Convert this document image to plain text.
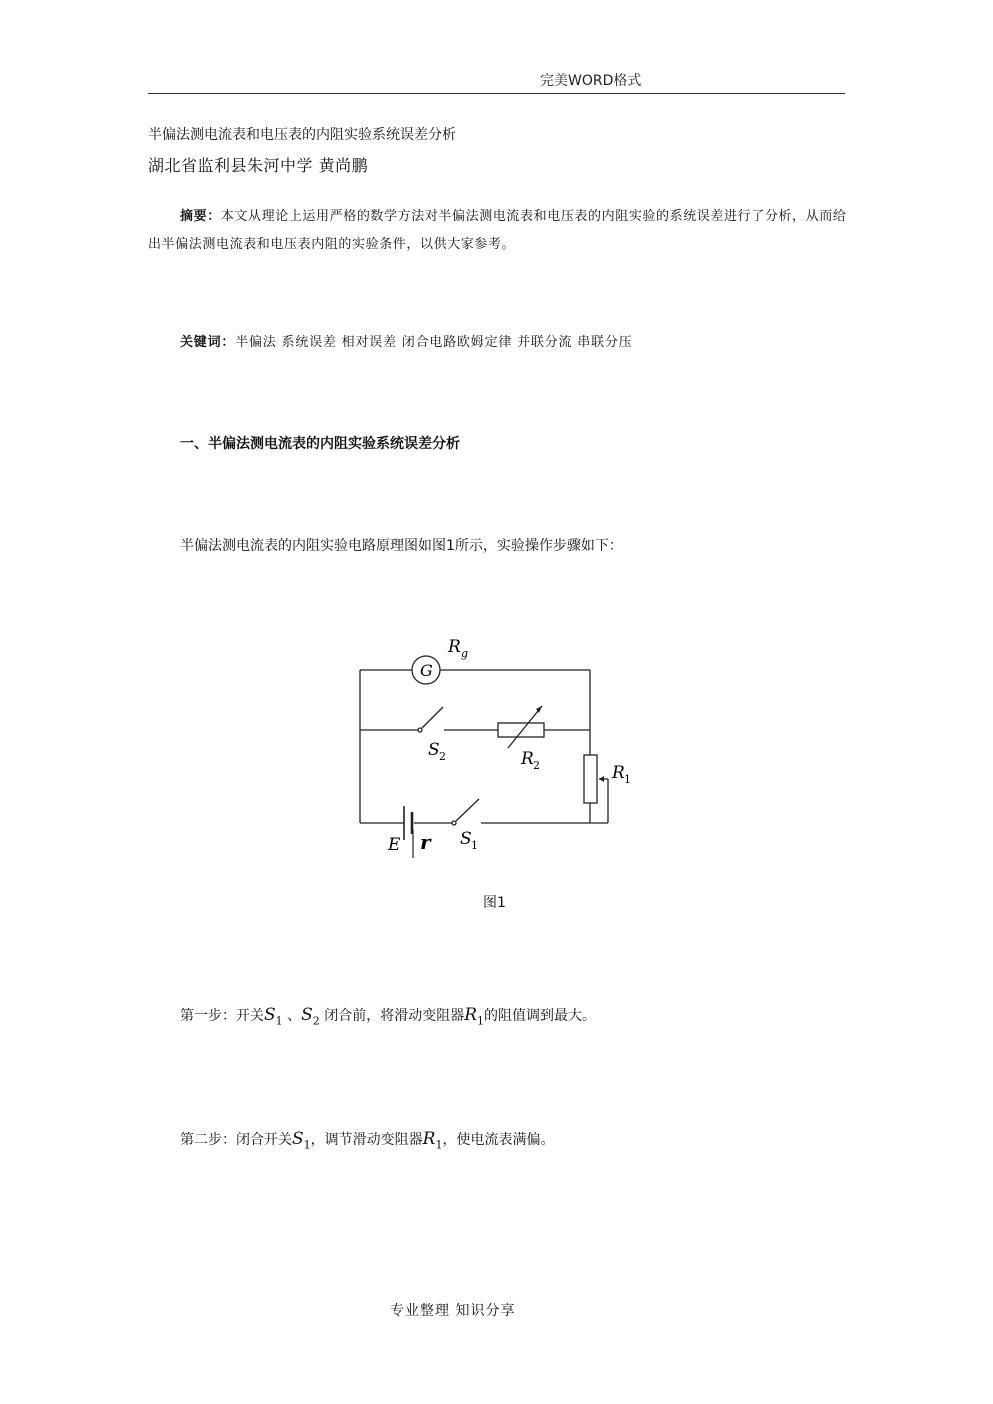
完美WORD格式
半偏法测电流表和电压表的内阻实验系统误差分析
湖北省监利县朱河中学 黄尚鹏
摘要：本文从理论上运用严格的数学方法对半偏法测电流表和电压表的内阻实验的系统误差进行了分析，从而给出半偏法测电流表和电压表内阻的实验条件，以供大家参考。
关键词：半偏法 系统误差 相对误差 闭合电路欧姆定律 并联分流 串联分压
一、半偏法测电流表的内阻实验系统误差分析
半偏法测电流表的内阻实验电路原理图如图1所示，实验操作步骤如下：
G
R g
S 2	R 2	R 1
E r S 1
图1
第一步：开关$S_1$ 、$S_2$ 闭合前，将滑动变阻器$R_1$的阻值调到最大。
第二步：闭合开关$S_1$，调节滑动变阻器$R_1$，使电流表满偏。
专业整理 知识分享
